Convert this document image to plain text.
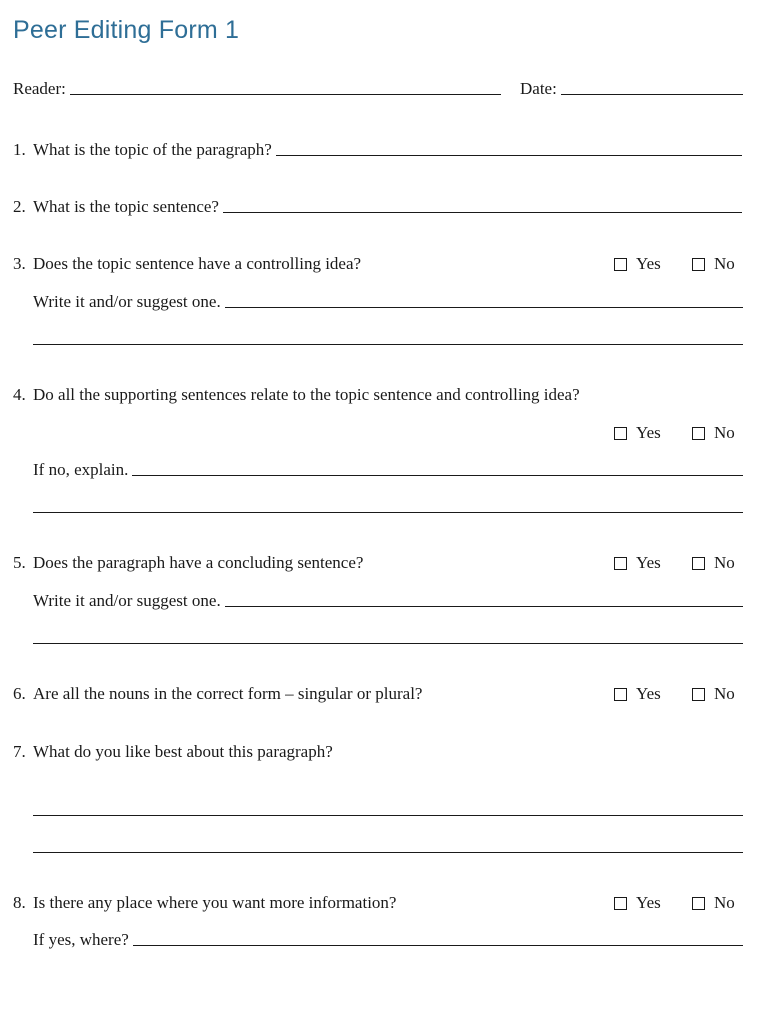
Peer Editing Form 1
Reader:	Date:
1. What is the topic of the paragraph?
2. What is the topic sentence?
3. Does the topic sentence have a controlling idea?	Yes	No
Write it and/or suggest one.
4. Do all the supporting sentences relate to the topic sentence and controlling idea?
Yes	No
If no, explain.
5. Does the paragraph have a concluding sentence?	Yes	No
Write it and/or suggest one.
6. Are all the nouns in the correct form – singular or plural?	Yes	No
7. What do you like best about this paragraph?
8. Is there any place where you want more information?	Yes	No
If yes, where?
